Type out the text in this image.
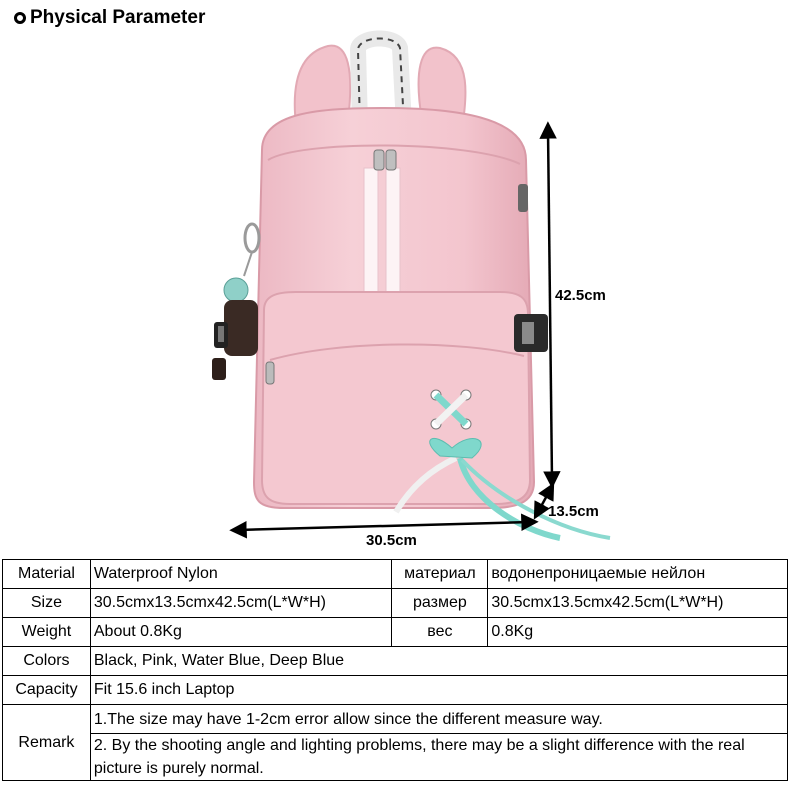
Physical Parameter
42.5cm
13.5cm
30.5cm
Material	Waterproof Nylon	материал	водонепроницаемые нейлон
Size	30.5cmx13.5cmx42.5cm(L*W*H)	размер	30.5cmx13.5cmx42.5cm(L*W*H)
Weight	About 0.8Kg	вес	0.8Kg
Colors	Black, Pink, Water Blue, Deep Blue		
Capacity	Fit 15.6 inch Laptop		
Remark	1.The size may have 1-2cm error allow since the different measure way.		
	2. By the shooting angle and lighting problems, there may be a slight difference with the real picture is purely normal.		
